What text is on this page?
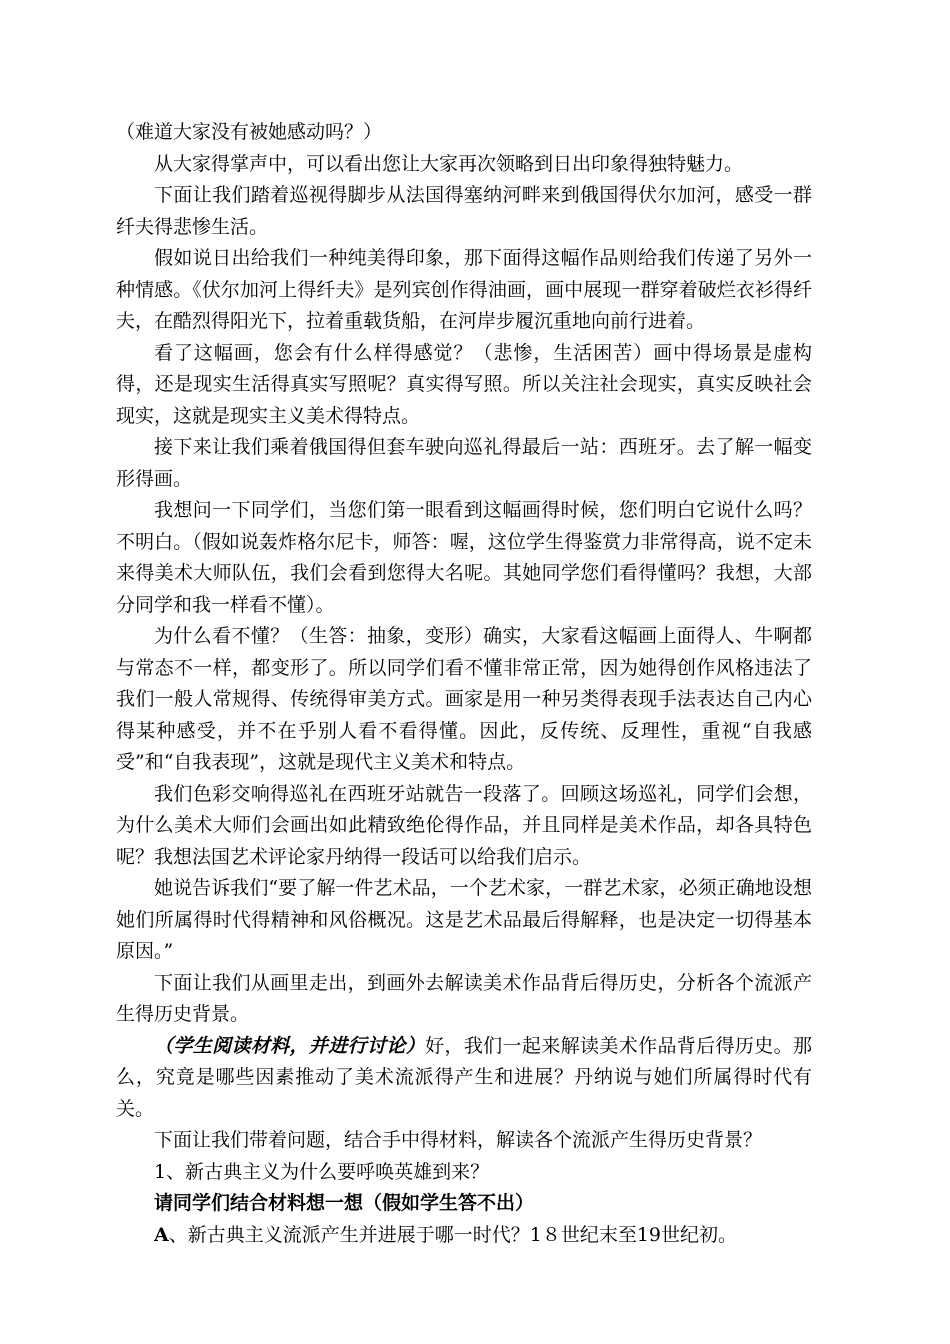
（难道大家没有被她感动吗？）

从大家得掌声中，可以看出您让大家再次领略到日出印象得独特魅力。

下面让我们踏着巡视得脚步从法国得塞纳河畔来到俄国得伏尔加河，感受一群纤夫得悲惨生活。

假如说日出给我们一种纯美得印象，那下面得这幅作品则给我们传递了另外一种情感。《伏尔加河上得纤夫》是列宾创作得油画，画中展现一群穿着破烂衣衫得纤夫，在酷烈得阳光下，拉着重载货船，在河岸步履沉重地向前行进着。

看了这幅画，您会有什么样得感觉？（悲惨，生活困苦）画中得场景是虚构得，还是现实生活得真实写照呢？真实得写照。所以关注社会现实，真实反映社会现实，这就是现实主义美术得特点。

接下来让我们乘着俄国得但套车驶向巡礼得最后一站：西班牙。去了解一幅变形得画。

我想问一下同学们，当您们第一眼看到这幅画得时候，您们明白它说什么吗？不明白。（假如说轰炸格尔尼卡，师答：喔，这位学生得鉴赏力非常得高，说不定未来得美术大师队伍，我们会看到您得大名呢。其她同学您们看得懂吗？我想，大部分同学和我一样看不懂）。

为什么看不懂？（生答：抽象，变形）确实，大家看这幅画上面得人、牛啊都与常态不一样，都变形了。所以同学们看不懂非常正常，因为她得创作风格违法了我们一般人常规得、传统得审美方式。画家是用一种另类得表现手法表达自己内心得某种感受，并不在乎别人看不看得懂。因此，反传统、反理性，重视“自我感受”和“自我表现”，这就是现代主义美术和特点。

我们色彩交响得巡礼在西班牙站就告一段落了。回顾这场巡礼，同学们会想，为什么美术大师们会画出如此精致绝伦得作品，并且同样是美术作品，却各具特色呢？我想法国艺术评论家丹纳得一段话可以给我们启示。

她说告诉我们“要了解一件艺术品，一个艺术家，一群艺术家，必须正确地设想她们所属得时代得精神和风俗概况。这是艺术品最后得解释，也是决定一切得基本原因。”

下面让我们从画里走出，到画外去解读美术作品背后得历史，分析各个流派产生得历史背景。

（学生阅读材料，并进行讨论）好，我们一起来解读美术作品背后得历史。那么，究竟是哪些因素推动了美术流派得产生和进展？丹纳说与她们所属得时代有关。

下面让我们带着问题，结合手中得材料，解读各个流派产生得历史背景？

1、新古典主义为什么要呼唤英雄到来？

请同学们结合材料想一想（假如学生答不出）

A、新古典主义流派产生并进展于哪一时代？1８世纪末至19世纪初。
